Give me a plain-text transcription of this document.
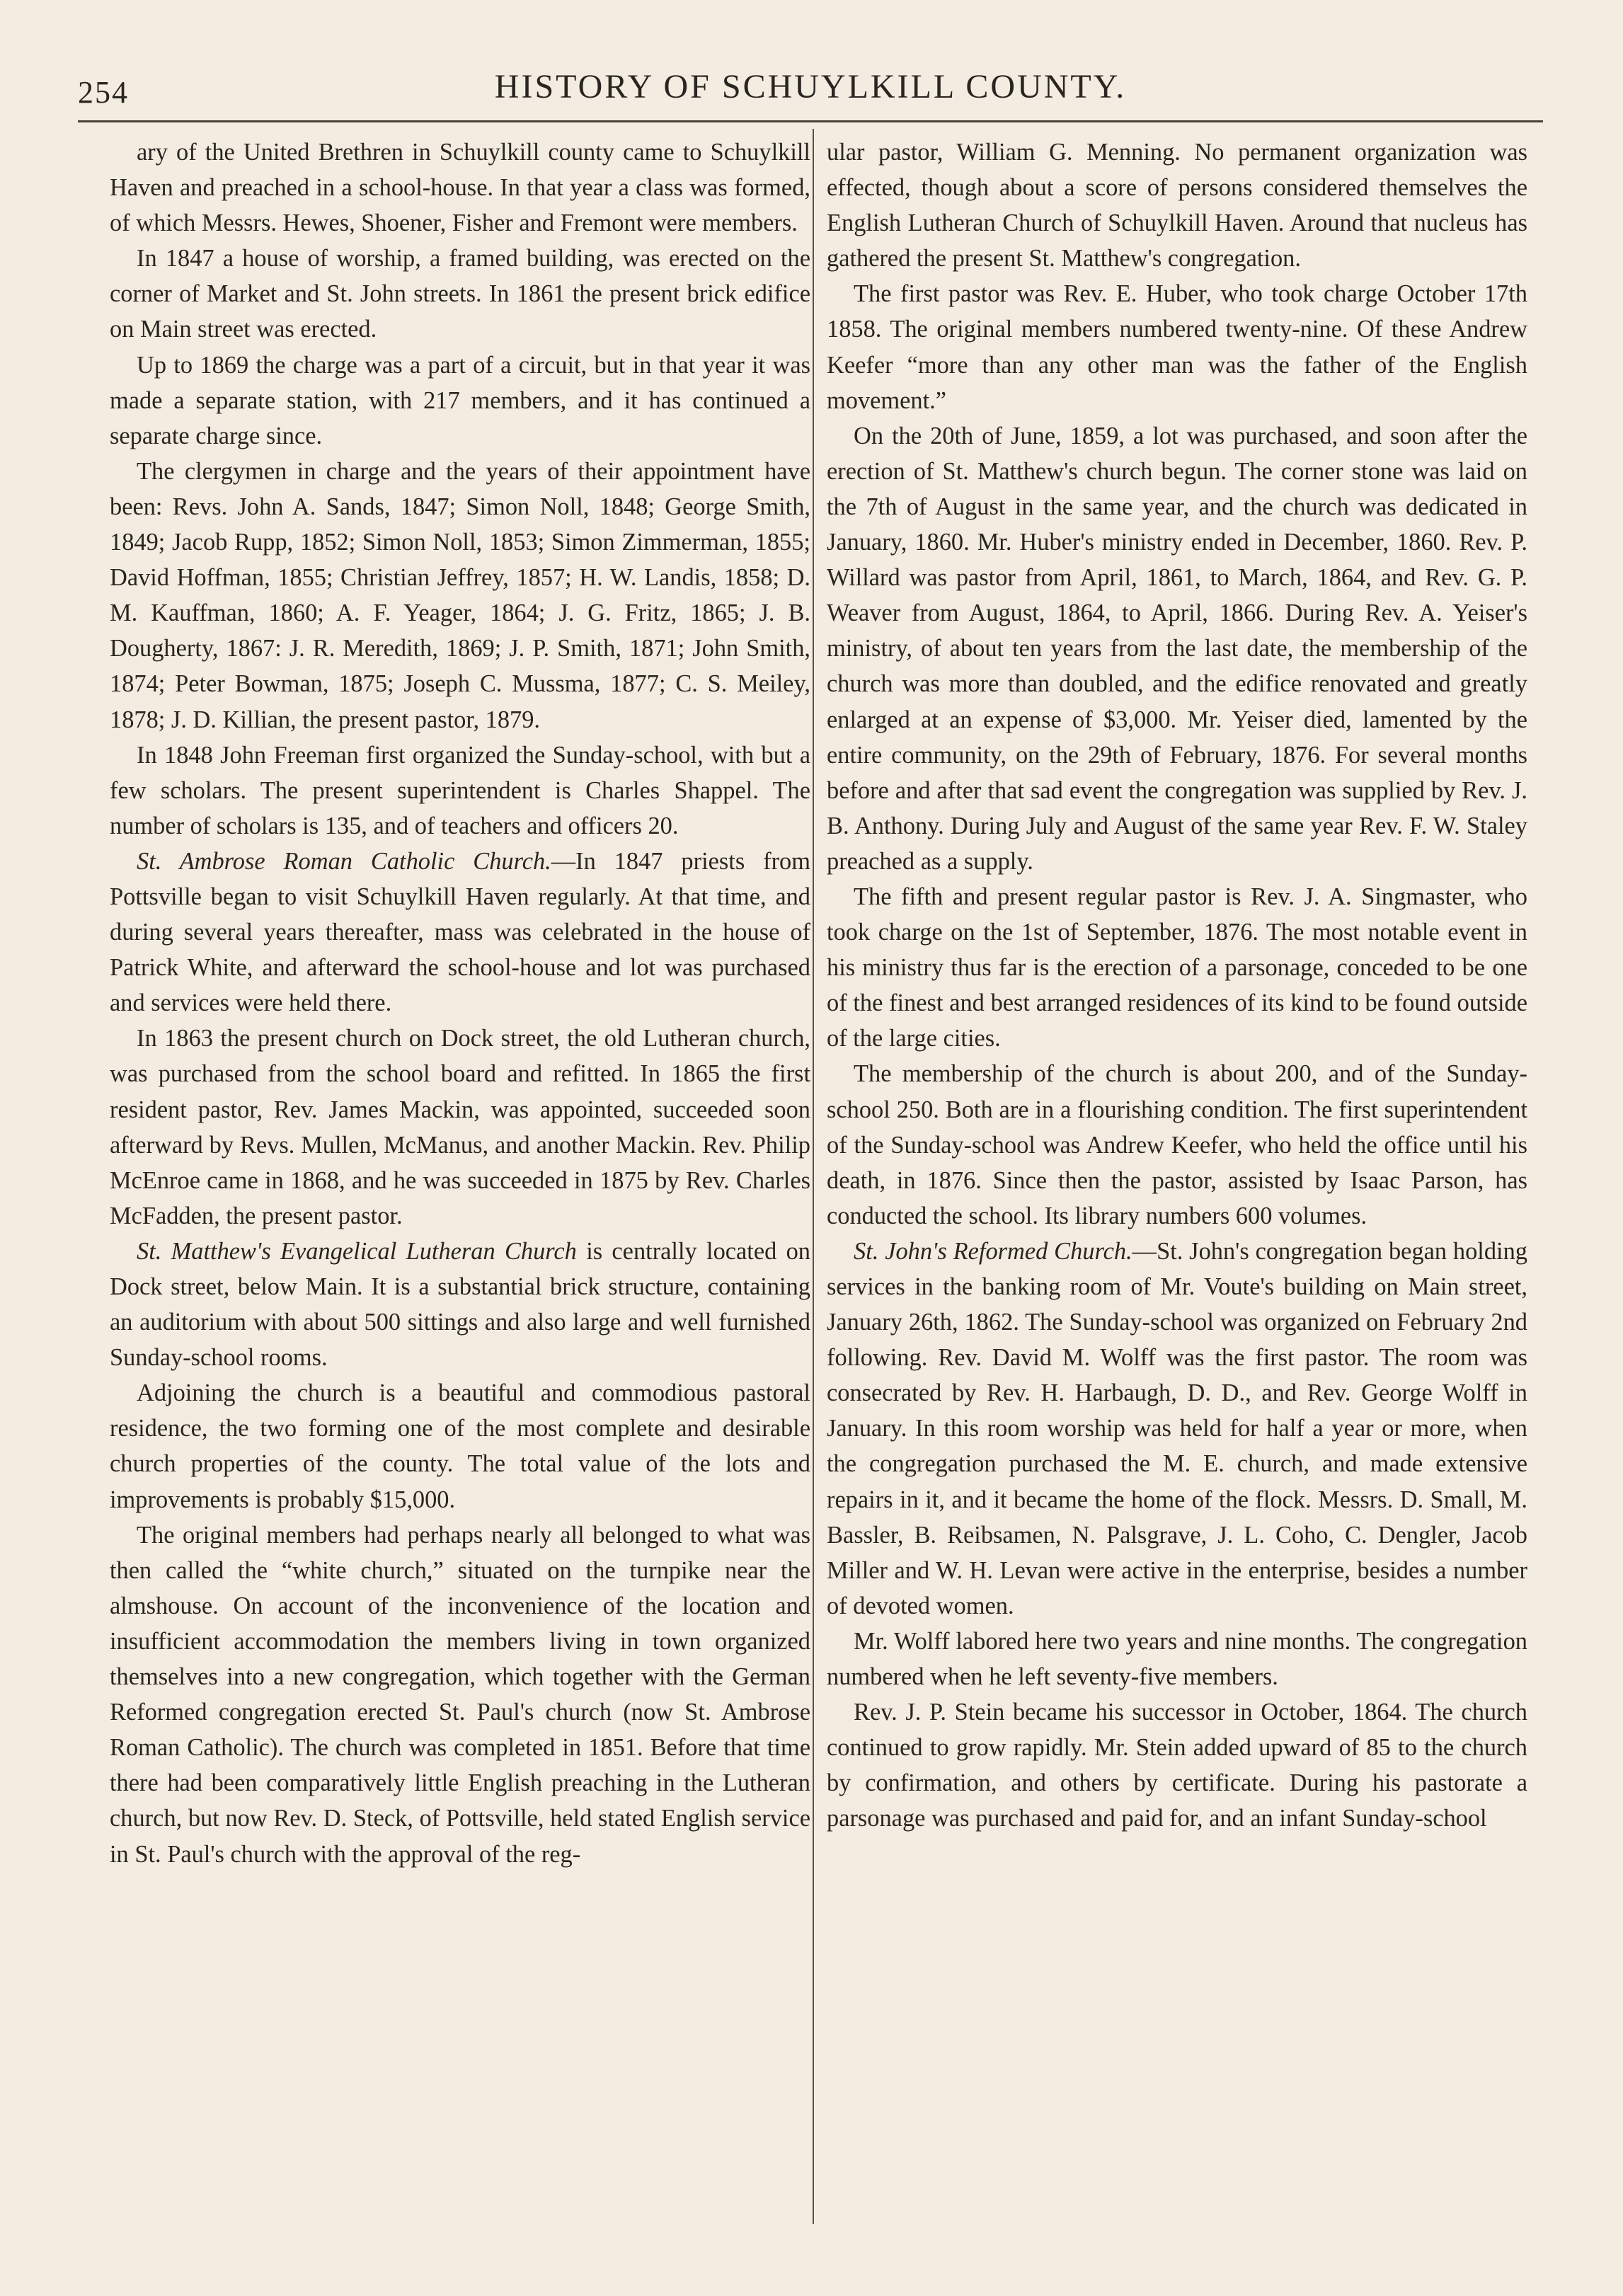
254	HISTORY OF SCHUYLKILL COUNTY.

ary of the United Brethren in Schuylkill county came to Schuylkill Haven and preached in a school-house. In that year a class was formed, of which Messrs. Hewes, Shoener, Fisher and Fremont were members.

In 1847 a house of worship, a framed building, was erected on the corner of Market and St. John streets. In 1861 the present brick edifice on Main street was erected.

Up to 1869 the charge was a part of a circuit, but in that year it was made a separate station, with 217 members, and it has continued a separate charge since.

The clergymen in charge and the years of their appointment have been: Revs. John A. Sands, 1847; Simon Noll, 1848; George Smith, 1849; Jacob Rupp, 1852; Simon Noll, 1853; Simon Zimmerman, 1855; David Hoffman, 1855; Christian Jeffrey, 1857; H. W. Landis, 1858; D. M. Kauffman, 1860; A. F. Yeager, 1864; J. G. Fritz, 1865; J. B. Dougherty, 1867: J. R. Meredith, 1869; J. P. Smith, 1871; John Smith, 1874; Peter Bowman, 1875; Joseph C. Mussma, 1877; C. S. Meiley, 1878; J. D. Killian, the present pastor, 1879.

In 1848 John Freeman first organized the Sunday-school, with but a few scholars. The present superintendent is Charles Shappel. The number of scholars is 135, and of teachers and officers 20.

St. Ambrose Roman Catholic Church.—In 1847 priests from Pottsville began to visit Schuylkill Haven regularly. At that time, and during several years thereafter, mass was celebrated in the house of Patrick White, and afterward the school-house and lot was purchased and services were held there.

In 1863 the present church on Dock street, the old Lutheran church, was purchased from the school board and refitted. In 1865 the first resident pastor, Rev. James Mackin, was appointed, succeeded soon afterward by Revs. Mullen, McManus, and another Mackin. Rev. Philip McEnroe came in 1868, and he was succeeded in 1875 by Rev. Charles McFadden, the present pastor.

St. Matthew's Evangelical Lutheran Church is centrally located on Dock street, below Main. It is a substantial brick structure, containing an auditorium with about 500 sittings and also large and well furnished Sunday-school rooms.

Adjoining the church is a beautiful and commodious pastoral residence, the two forming one of the most complete and desirable church properties of the county. The total value of the lots and improvements is probably $15,000.

The original members had perhaps nearly all belonged to what was then called the “white church,” situated on the turnpike near the almshouse. On account of the inconvenience of the location and insufficient accommodation the members living in town organized themselves into a new congregation, which together with the German Reformed congregation erected St. Paul's church (now St. Ambrose Roman Catholic). The church was completed in 1851. Before that time there had been comparatively little English preaching in the Lutheran church, but now Rev. D. Steck, of Pottsville, held stated English service in St. Paul's church with the approval of the reg-

ular pastor, William G. Menning. No permanent organization was effected, though about a score of persons considered themselves the English Lutheran Church of Schuylkill Haven. Around that nucleus has gathered the present St. Matthew's congregation.

The first pastor was Rev. E. Huber, who took charge October 17th 1858. The original members numbered twenty-nine. Of these Andrew Keefer “more than any other man was the father of the English movement.”

On the 20th of June, 1859, a lot was purchased, and soon after the erection of St. Matthew's church begun. The corner stone was laid on the 7th of August in the same year, and the church was dedicated in January, 1860. Mr. Huber's ministry ended in December, 1860. Rev. P. Willard was pastor from April, 1861, to March, 1864, and Rev. G. P. Weaver from August, 1864, to April, 1866. During Rev. A. Yeiser's ministry, of about ten years from the last date, the membership of the church was more than doubled, and the edifice renovated and greatly enlarged at an expense of $3,000. Mr. Yeiser died, lamented by the entire community, on the 29th of February, 1876. For several months before and after that sad event the congregation was supplied by Rev. J. B. Anthony. During July and August of the same year Rev. F. W. Staley preached as a supply.

The fifth and present regular pastor is Rev. J. A. Singmaster, who took charge on the 1st of September, 1876. The most notable event in his ministry thus far is the erection of a parsonage, conceded to be one of the finest and best arranged residences of its kind to be found outside of the large cities.

The membership of the church is about 200, and of the Sunday-school 250. Both are in a flourishing condition. The first superintendent of the Sunday-school was Andrew Keefer, who held the office until his death, in 1876. Since then the pastor, assisted by Isaac Parson, has conducted the school. Its library numbers 600 volumes.

St. John's Reformed Church.—St. John's congregation began holding services in the banking room of Mr. Voute's building on Main street, January 26th, 1862. The Sunday-school was organized on February 2nd following. Rev. David M. Wolff was the first pastor. The room was consecrated by Rev. H. Harbaugh, D. D., and Rev. George Wolff in January. In this room worship was held for half a year or more, when the congregation purchased the M. E. church, and made extensive repairs in it, and it became the home of the flock. Messrs. D. Small, M. Bassler, B. Reibsamen, N. Palsgrave, J. L. Coho, C. Dengler, Jacob Miller and W. H. Levan were active in the enterprise, besides a number of devoted women.

Mr. Wolff labored here two years and nine months. The congregation numbered when he left seventy-five members.

Rev. J. P. Stein became his successor in October, 1864. The church continued to grow rapidly. Mr. Stein added upward of 85 to the church by confirmation, and others by certificate. During his pastorate a parsonage was purchased and paid for, and an infant Sunday-school
